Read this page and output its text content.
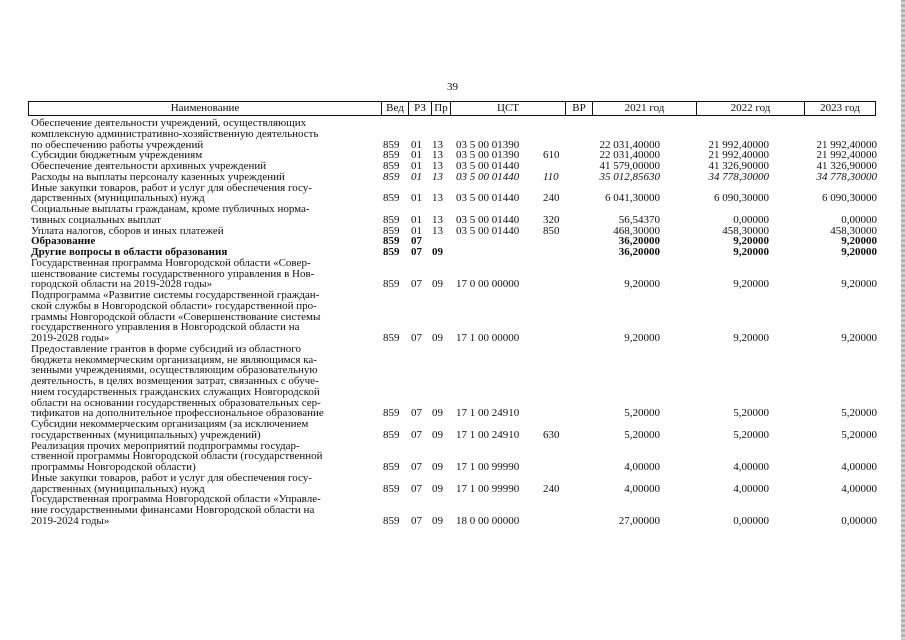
39
Наименование	Вед РЗ Пр	ЦСТ	ВР	2021 год	2022 год	2023 год
Обеспечение деятельности учреждений, осуществляющих
комплексную административно-хозяйственную деятельность
по обеспечению работы учреждений	859 01 13 03 5 00 01390	22 031,40000	21 992,40000	21 992,40000
Субсидии бюджетным учреждениям	859 01 13 03 5 00 01390 610	22 031,40000	21 992,40000	21 992,40000
Обеспечение деятельности архивных учреждений	859 01 13 03 5 00 01440	41 579,00000	41 326,90000	41 326,90000
Расходы на выплаты персоналу казенных учреждений	859 01 13 03 5 00 01440 110	35 012,85630	34 778,30000	34 778,30000
Иные закупки товаров, работ и услуг для обеспечения госу-
дарственных (муниципальных) нужд	859 01 13 03 5 00 01440 240	6 041,30000	6 090,30000	6 090,30000
Социальные выплаты гражданам, кроме публичных норма-
тивных социальных выплат	859 01 13 03 5 00 01440 320	56,54370	0,00000	0,00000
Уплата налогов, сборов и иных платежей	859 01 13 03 5 00 01440 850	468,30000	458,30000	458,30000
Образование	859 07	36,20000	9,20000	9,20000
Другие вопросы в области образования	859 07 09	36,20000	9,20000	9,20000
Государственная программа Новгородской области «Совер-
шенствование системы государственного управления в Нов-
городской области на 2019-2028 годы»	859 07 09 17 0 00 00000	9,20000	9,20000	9,20000
Подпрограмма «Развитие системы государственной граждан-
ской службы в Новгородской области» государственной про-
граммы Новгородской области «Совершенствование системы
государственного управления в Новгородской области на
2019-2028 годы»	859 07 09 17 1 00 00000	9,20000	9,20000	9,20000
Предоставление грантов в форме субсидий из областного
бюджета некоммерческим организациям, не являющимся ка-
зенными учреждениями, осуществляющим образовательную
деятельность, в целях возмещения затрат, связанных с обуче-
нием государственных гражданских служащих Новгородской
области на основании государственных образовательных сер-
тификатов на дополнительное профессиональное образование	859 07 09 17 1 00 24910	5,20000	5,20000	5,20000
Субсидии некоммерческим организациям (за исключением
государственных (муниципальных) учреждений)	859 07 09 17 1 00 24910 630	5,20000	5,20000	5,20000
Реализация прочих мероприятий подпрограммы государ-
ственной программы Новгородской области (государственной
программы Новгородской области)	859 07 09 17 1 00 99990	4,00000	4,00000	4,00000
Иные закупки товаров, работ и услуг для обеспечения госу-
дарственных (муниципальных) нужд	859 07 09 17 1 00 99990 240	4,00000	4,00000	4,00000
Государственная программа Новгородской области «Управле-
ние государственными финансами Новгородской области на
2019-2024 годы»	859 07 09 18 0 00 00000	27,00000	0,00000	0,00000
